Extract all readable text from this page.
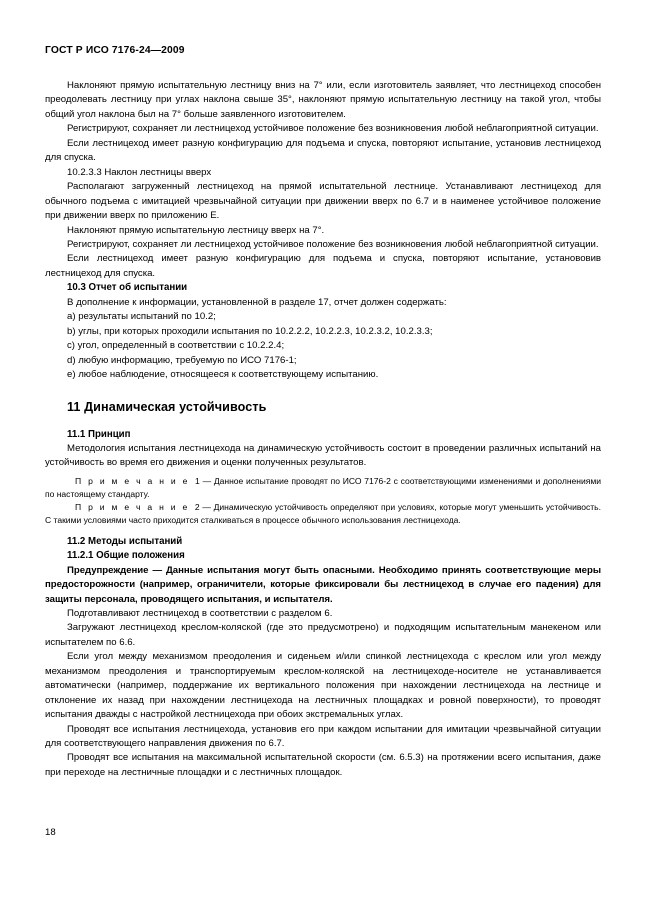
ГОСТ Р ИСО 7176-24—2009

Наклоняют прямую испытательную лестницу вниз на 7° или, если изготовитель заявляет, что лестницеход способен преодолевать лестницу при углах наклона свыше 35°, наклоняют прямую испытательную лестницу на такой угол, чтобы общий угол наклона был на 7° больше заявленного изготовителем.

Регистрируют, сохраняет ли лестницеход устойчивое положение без возникновения любой неблагоприятной ситуации.

Если лестницеход имеет разную конфигурацию для подъема и спуска, повторяют испытание, установив лестницеход для спуска.

10.2.3.3 Наклон лестницы вверх

Располагают загруженный лестницеход на прямой испытательной лестнице. Устанавливают лестницеход для обычного подъема с имитацией чрезвычайной ситуации при движении вверх по 6.7 и в наименее устойчивое положение при движении вверх по приложению Е.

Наклоняют прямую испытательную лестницу вверх на 7°.

Регистрируют, сохраняет ли лестницеход устойчивое положение без возникновения любой неблагоприятной ситуации.

Если лестницеход имеет разную конфигурацию для подъема и спуска, повторяют испытание, установовив лестницеход для спуска.

10.3 Отчет об испытании

В дополнение к информации, установленной в разделе 17, отчет должен содержать:

a) результаты испытаний по 10.2;

b) углы, при которых проходили испытания по 10.2.2.2, 10.2.2.3, 10.2.3.2, 10.2.3.3;

c) угол, определенный в соответствии с 10.2.2.4;

d) любую информацию, требуемую по ИСО 7176-1;

e) любое наблюдение, относящееся к соответствующему испытанию.

11 Динамическая устойчивость

11.1 Принцип

Методология испытания лестницехода на динамическую устойчивость состоит в проведении различных испытаний на устойчивость во время его движения и оценки полученных результатов.

П р и м е ч а н и е 1 — Данное испытание проводят по ИСО 7176-2 с соответствующими изменениями и дополнениями по настоящему стандарту.

П р и м е ч а н и е 2 — Динамическую устойчивость определяют при условиях, которые могут уменьшить устойчивость. С такими условиями часто приходится сталкиваться в процессе обычного использования лестницехода.

11.2 Методы испытаний

11.2.1 Общие положения

Предупреждение — Данные испытания могут быть опасными. Необходимо принять соответствующие меры предосторожности (например, ограничители, которые фиксировали бы лестницеход в случае его падения) для защиты персонала, проводящего испытания, и испытателя.

Подготавливают лестницеход в соответствии с разделом 6.

Загружают лестницеход креслом-коляской (где это предусмотрено) и подходящим испытательным манекеном или испытателем по 6.6.

Если угол между механизмом преодоления и сиденьем и/или спинкой лестницехода с креслом или угол между механизмом преодоления и транспортируемым креслом-коляской на лестницеходе-носителе не устанавливается автоматически (например, поддержание их вертикального положения при нахождении лестницехода на лестнице и отклонение их назад при нахождении лестницехода на лестничных площадках и ровной поверхности), то проводят испытания дважды с настройкой лестницехода при обоих экстремальных углах.

Проводят все испытания лестницехода, установив его при каждом испытании для имитации чрезвычайной ситуации для соответствующего направления движения по 6.7.

Проводят все испытания на максимальной испытательной скорости (см. 6.5.3) на протяжении всего испытания, даже при переходе на лестничные площадки и с лестничных площадок.

18
